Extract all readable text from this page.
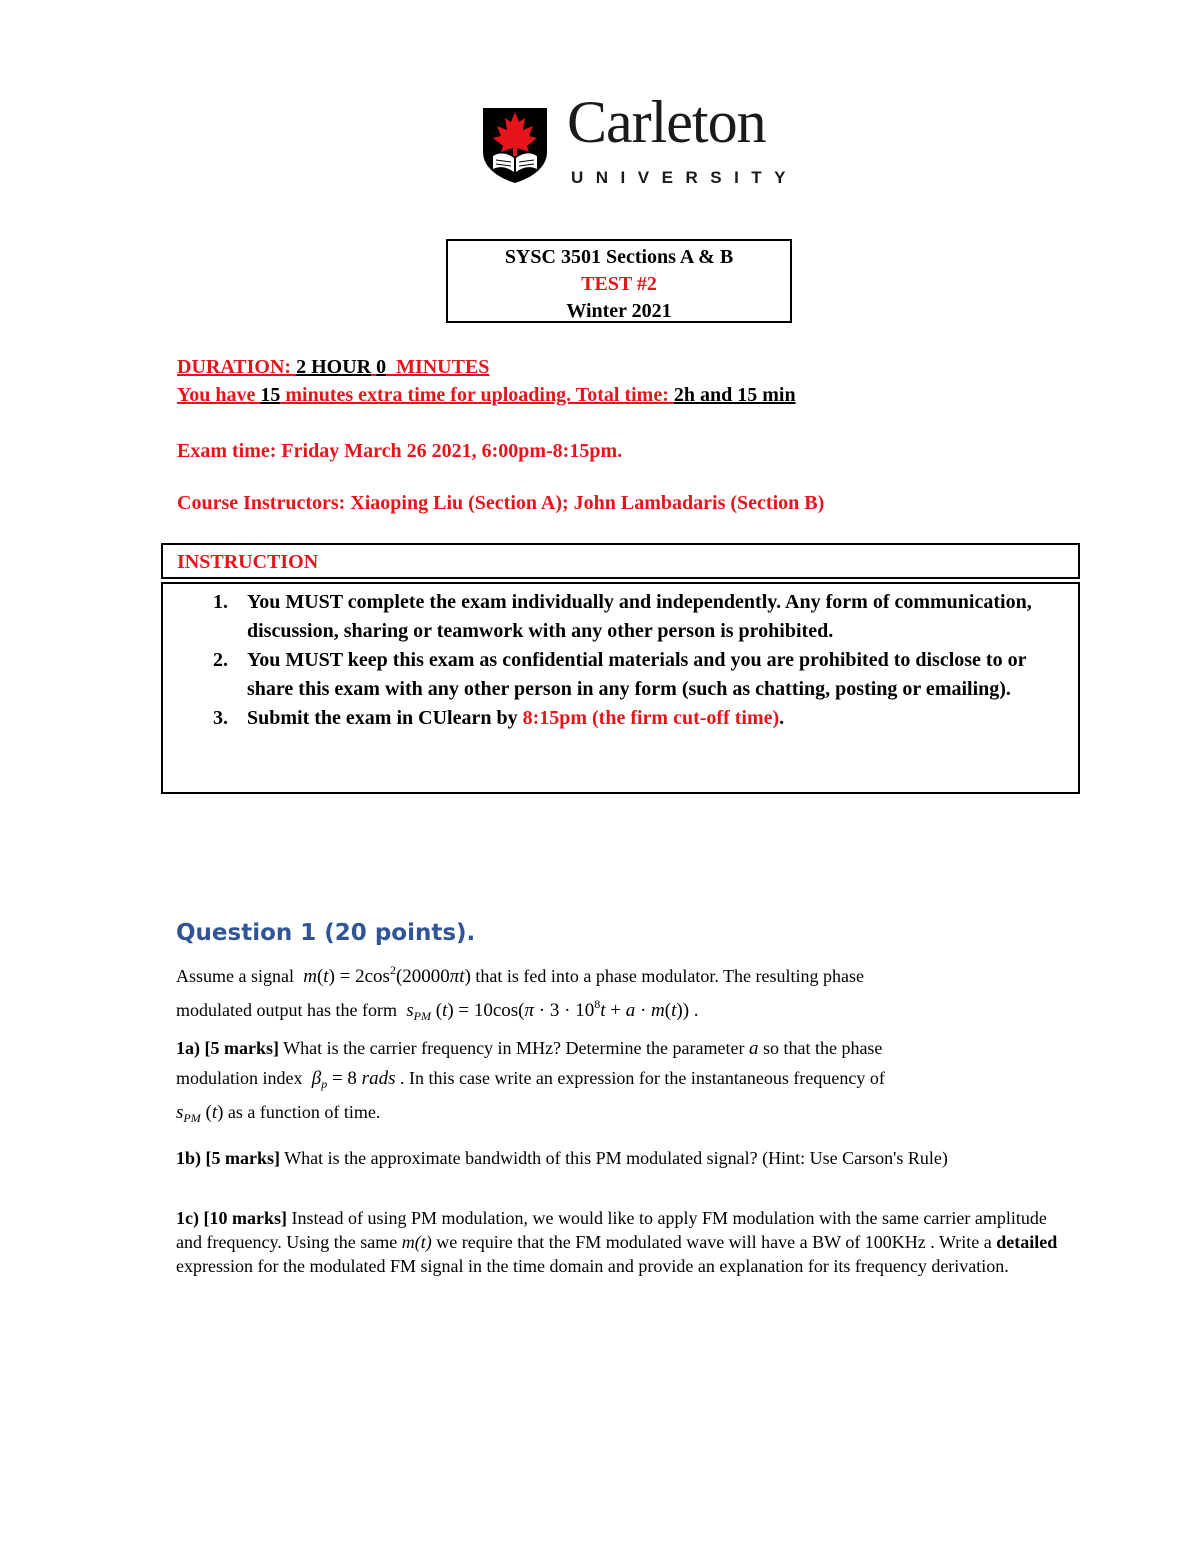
Carleton
UNIVERSITY
SYSC 3501 Sections A & B
TEST #2
Winter 2021
DURATION: 2 HOUR 0_MINUTES
You have 15 minutes extra time for uploading. Total time: 2h and 15 min
Exam time: Friday March 26 2021, 6:00pm-8:15pm.
Course Instructors: Xiaoping Liu (Section A); John Lambadaris (Section B)
INSTRUCTION
1. You MUST complete the exam individually and independently. Any form of communication, discussion, sharing or teamwork with any other person is prohibited.
2. You MUST keep this exam as confidential materials and you are prohibited to disclose to or share this exam with any other person in any form (such as chatting, posting or emailing).
3. Submit the exam in CUlearn by 8:15pm (the firm cut-off time).
Question 1 (20 points).
Assume a signal  $m(t) = 2\cos^2(20000\pi t)$ that is fed into a phase modulator. The resulting phase
modulated output has the form  $s_{PM}$ $(t) = 10\cos(\pi \cdot 3 \cdot 10^8t + a \cdot m(t))$ .
1a) [5 marks] What is the carrier frequency in MHz? Determine the parameter a so that the phase
modulation index  $\beta_p = 8$ rads . In this case write an expression for the instantaneous frequency of
$s_{PM}$ (t) as a function of time.
1b) [5 marks] What is the approximate bandwidth of this PM modulated signal? (Hint: Use Carson's Rule)
1c) [10 marks] Instead of using PM modulation, we would like to apply FM modulation with the same carrier amplitude and frequency. Using the same m(t) we require that the FM modulated wave will have a BW of 100KHz . Write a detailed expression for the modulated FM signal in the time domain and provide an explanation for its frequency derivation.
